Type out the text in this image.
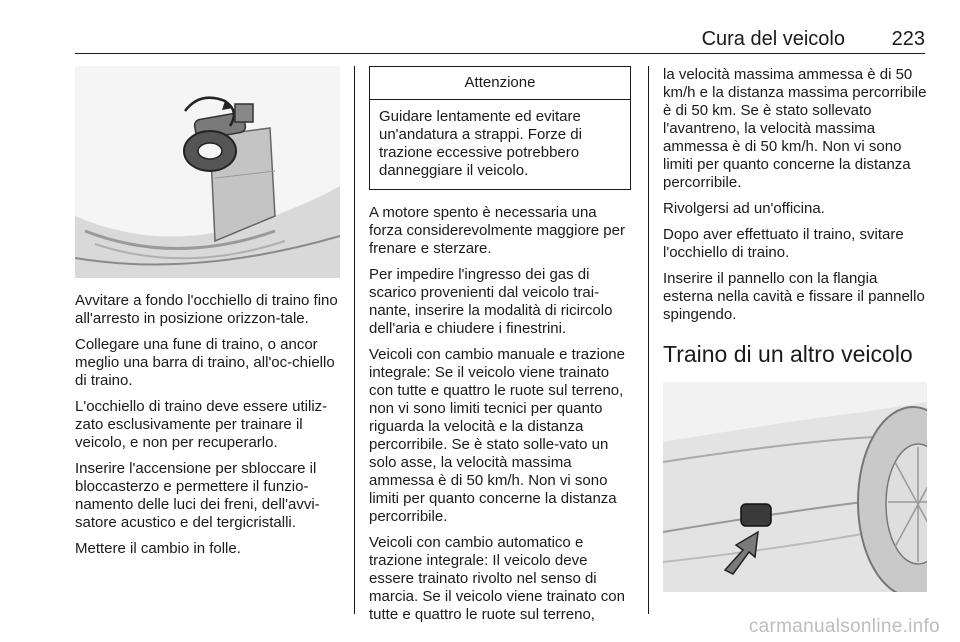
Cura del veicolo 223

Avvitare a fondo l'occhiello di traino fino all'arresto in posizione orizzon-tale.

Collegare una fune di traino, o ancor meglio una barra di traino, all'oc-chiello di traino.

L'occhiello di traino deve essere utiliz-zato esclusivamente per trainare il veicolo, e non per recuperarlo.

Inserire l'accensione per sbloccare il bloccasterzo e permettere il funzio-namento delle luci dei freni, dell'avvi-satore acustico e del tergicristalli.

Mettere il cambio in folle.

Attenzione
Guidare lentamente ed evitare un'andatura a strappi. Forze di trazione eccessive potrebbero danneggiare il veicolo.

A motore spento è necessaria una forza considerevolmente maggiore per frenare e sterzare.

Per impedire l'ingresso dei gas di scarico provenienti dal veicolo trai-nante, inserire la modalità di ricircolo dell'aria e chiudere i finestrini.

Veicoli con cambio manuale e trazione integrale: Se il veicolo viene trainato con tutte e quattro le ruote sul terreno, non vi sono limiti tecnici per quanto riguarda la velocità e la distanza percorribile. Se è stato solle-vato un solo asse, la velocità massima ammessa è di 50 km/h. Non vi sono limiti per quanto concerne la distanza percorribile.

Veicoli con cambio automatico e trazione integrale: Il veicolo deve essere trainato rivolto nel senso di marcia. Se il veicolo viene trainato con tutte e quattro le ruote sul terreno,

la velocità massima ammessa è di 50 km/h e la distanza massima percorribile è di 50 km. Se è stato sollevato l'avantreno, la velocità massima ammessa è di 50 km/h. Non vi sono limiti per quanto concerne la distanza percorribile.

Rivolgersi ad un'officina.

Dopo aver effettuato il traino, svitare l'occhiello di traino.

Inserire il pannello con la flangia esterna nella cavità e fissare il pannello spingendo.

Traino di un altro veicolo
carmanualsonline.info
